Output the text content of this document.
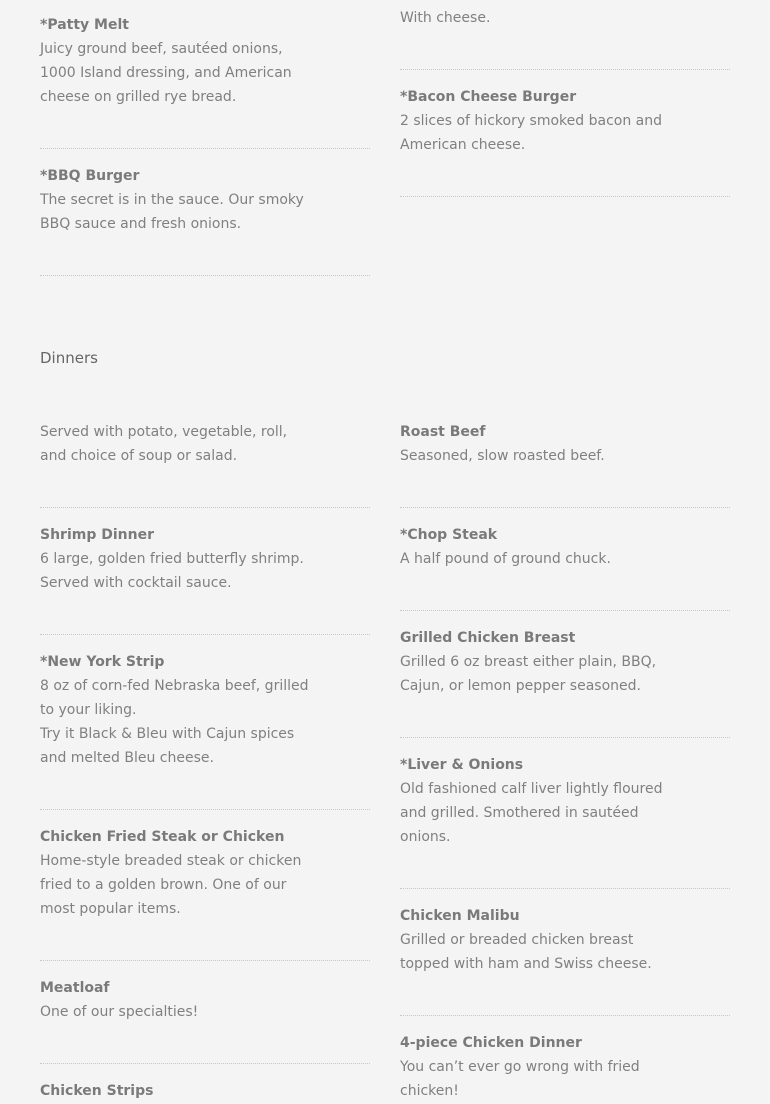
With cheese.
*Patty Melt
Juicy ground beef, sautéed onions, 1000 Island dressing, and American cheese on grilled rye bread.
*BBQ Burger
The secret is in the sauce. Our smoky BBQ sauce and fresh onions.
*Bacon Cheese Burger
2 slices of hickory smoked bacon and American cheese.
Dinners
Served with potato, vegetable, roll, and choice of soup or salad.
Shrimp Dinner
6 large, golden fried butterfly shrimp. Served with cocktail sauce.
*New York Strip
8 oz of corn-fed Nebraska beef, grilled to your liking.
Try it Black & Bleu with Cajun spices and melted Bleu cheese.
Chicken Fried Steak or Chicken
Home-style breaded steak or chicken fried to a golden brown. One of our most popular items.
Meatloaf
One of our specialties!
Chicken Strips
Roast Beef
Seasoned, slow roasted beef.
*Chop Steak
A half pound of ground chuck.
Grilled Chicken Breast
Grilled 6 oz breast either plain, BBQ, Cajun, or lemon pepper seasoned.
*Liver & Onions
Old fashioned calf liver lightly floured and grilled. Smothered in sautéed onions.
Chicken Malibu
Grilled or breaded chicken breast topped with ham and Swiss cheese.
4-piece Chicken Dinner
You can’t ever go wrong with fried chicken!
